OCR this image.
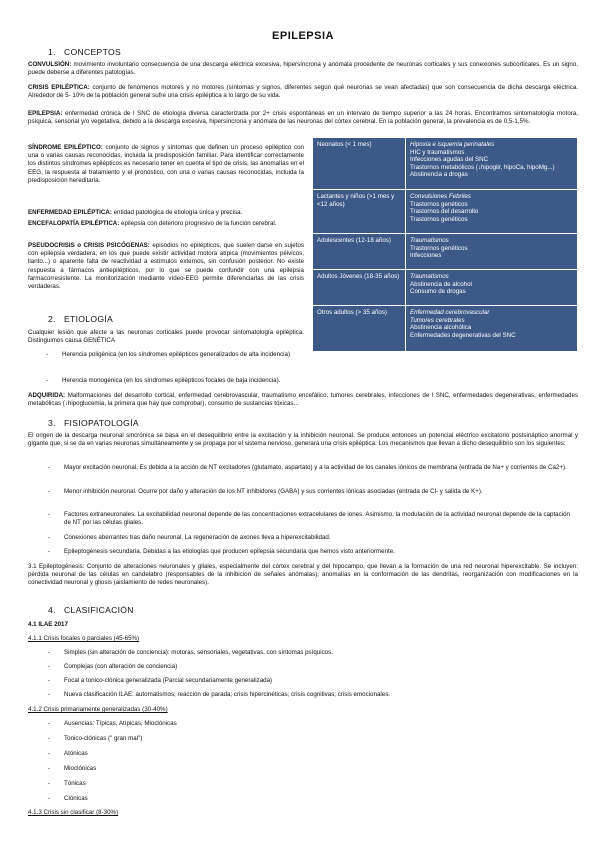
EPILEPSIA
1. CONCEPTOS
CONVULSIÓN: movimiento involuntario consecuencia de una descarga eléctrica excesiva, hipersíncrona y anómala procedente de neuronas corticales y sus conexiones subcorticales. Es un signo, puede deberse a diferentes patologías.
CRISIS EPILÉPTICA: conjunto de fenómenos motores y no motores (síntomas y signos, diferentes según qué neuronas se vean afectadas) que son consecuencia de dicha descarga eléctrica. Alrededor de 5- 10% de la población general sufre una crisis epiléptica a lo largo de su vida.
EPILEPSIA: enfermedad crónica de l SNC de etiología diversa caracterizada por 2+ crisis espontáneas en un intervalo de tiempo superior a las 24 horas. Encontramos sintomatología motora, psíquica, sensorial y/o vegetativa, debido a la descarga excesiva, hipersíncrona y anómala de las neuronas del córtex cerebral. En la población general, la prevalencia es de 0,5-1,5%.
SÍNDROME EPILÉPTICO: conjunto de signos y síntomas que definen un proceso epiléptico con una o varias causas reconocidas, incluida la predisposición familiar. Para identificar correctamente los distintos síndromes epilépticos es necesario tener en cuenta el tipo de crisis, las anomalías en el EEG, la respuesta al tratamiento y el pronóstico, con una o varias causas reconocidas, incluida la predisposición hereditaria.
ENFERMEDAD EPILÉPTICA: entidad patológica de etiología única y precisa.
ENCEFALOPATÍA EPILÉPTICA: epilepsia con deterioro progresivo de la función cerebral.
PSEUDOCRISIS o CRISIS PSICÓGENAS: episodios no epilépticos, que suelen darse en sujetos con epilepsia verdadera, en los que puede existir actividad motora atípica (movimientos pélvicos, llanto...) o aparente falta de reactividad a estímulos externos, sin confusión posterior. No existe respuesta a fármacos antiepilépticos, por lo que se puede confundir con una epilepsia farmacorresistente. La monitorización mediante vídeo-EEG permite diferenciarlas de las crisis verdaderas.
Neonatos (< 1 mes)	Hipoxia e isquemia perinatales
HIC y traumatismos
Infecciones agudas del SNC
Trastornos metabólicos (↓hipoglir, hipoCa, hipoMg...)
Abstinencia a drogas

Lactantes y niños (>1 mes y <12 años)	Convulsiones Febriles
Trastornos genéticos
Trastornos del desarrollo
Trastornos genéticos

Adolescentes (12-18 años)	Traumatismos
Trastornos genéticos
Infecciones

Adultos Jóvenes (18-35 años)	Traumatismos
Abstinencia de alcohol
Consumo de drogas

Otros adultos (> 35 años)	Enfermedad cerebrovascular
Tumores cerebrales
Abstinencia alcohólica
Enfermedades degenerativas del SNC
2. ETIOLOGÍA
Cualquier lesión que afecte a las neuronas corticales puede provocar sintomatología epiléptica. Distinguimos causa GENÉTICA
- Herencia poligénica (en los síndromes epilépticos generalizados de alta incidencia)
- Herencia monogénica (en los síndromes epilépticos focales de baja incidencia).
ADQUIRIDA: Malformaciones del desarrollo cortical, enfermedad cerebrovascular, traumatismo encefálico, tumores cerebrales, infecciones de l SNC, enfermedades degenerativas, enfermedades metabólicas (↓hipoglucemia, la primera que hay que comprobar), consumo de sustancias tóxicas...
3. FISIOPATOLOGÍA
El origen de la descarga neuronal sincrónica se basa en el desequilibrio entre la excitación y la inhibición neuronal. Se produce entonces un potencial eléctrico excitatorio postsináptico anormal y gigante que, si se da en varias neuronas simultáneamente y se propaga por el sistema nervioso, generará una crisis epiléptica. Los mecanismos que llevan a dicho desequilibrio son los siguientes:
- Mayor excitación neuronal. Es debida a la acción de NT excitadores (glutamato, aspartato) y a la actividad de los canales iónicos de membrana (entrada de Na+ y corrientes de Ca2+).
- Menor inhibición neuronal. Ocurre por daño y alteración de los NT inhibidores (GABA) y sus corrientes iónicas asociadas (entrada de Cl- y salida de K+).
- Factores extraneuronales. La excitabilidad neuronal depende de las concentraciones extracelulares de iones. Asimismo, la modulación de la actividad neuronal depende de la captación de NT por las células gliales.
- Conexiones aberrantes tras daño neuronal. La regeneración de axones lleva a hiperexcitabilidad.
- Epileptogénesis secundaria. Debidas a las etiologías que producen epilepsia secundaria que hemos visto anteriormente.
3.1 Epileptogénesis: Conjunto de alteraciones neuronales y gliales, especialmente del córtex cerebral y del hipocampo, que llevan a la formación de una red neuronal hiperexcitable. Se incluyen: pérdida neuronal de las células en candelabro (responsables de la inhibición de señales anómalas), anomalías en la conformación de las dendritas, reorganización con modificaciones en la conectividad neuronal y gliosis (aislamiento de redes neuronales).
4. CLASIFICACIÓN
4.1 ILAE 2017
4.1.1 Crisis focales o parciales (45-65%)
- Simples (sin alteración de conciencia): motoras, sensoriales, vegetativas, con síntomas psíquicos.
- Complejas (con alteración de conciencia)
- Focal a tonico-clónica generalizada (Parcial secundariamente generalizada)
- Nueva clasificación ILAE: automatismos; reacción de parada; crisis hipercinéticas; crisis cognitivas; crisis emocionales.
4.1.2 Crisis primariamente generalizadas (30-40%)
- Ausencias: Típicas, Atípicas, Mioclónicas
- Tonico-clónicas (" gran mal")
- Atónicas
- Mioclónicas
- Tónicas
- Clónicas
4.1.3 Crisis sin clasificar (8-30%)
